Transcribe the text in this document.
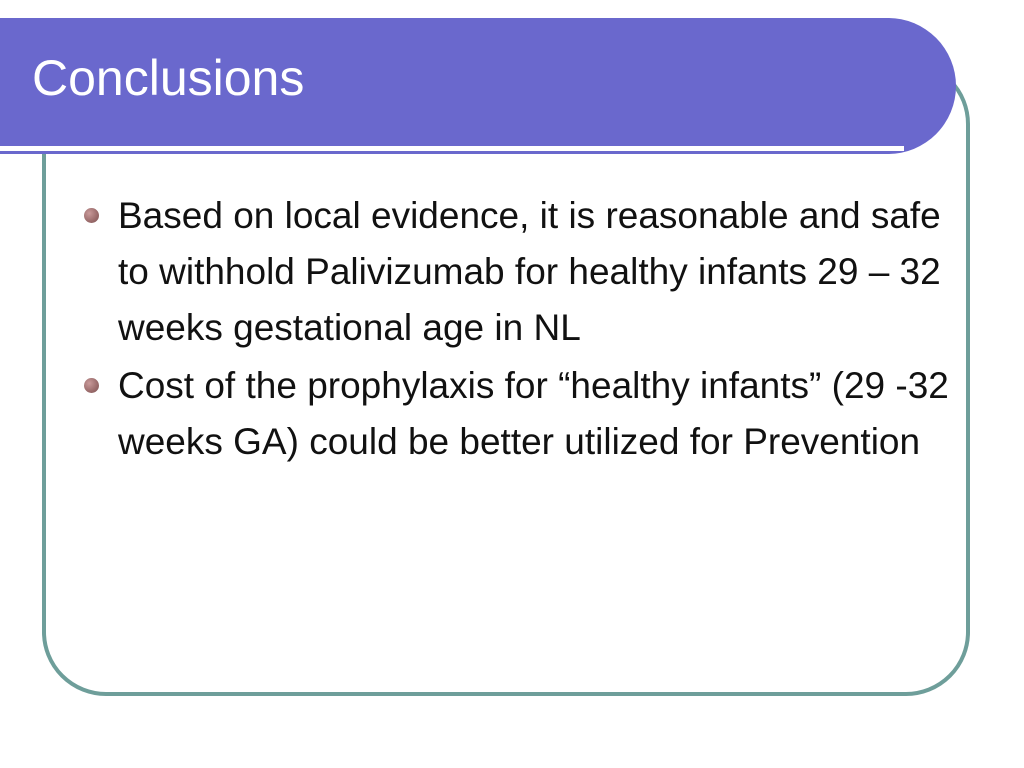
Conclusions
Based on local evidence, it is reasonable and safe to withhold Palivizumab for healthy infants 29 – 32 weeks gestational age in NL
Cost of the prophylaxis for “healthy infants” (29 -32 weeks GA) could be better utilized for Prevention
